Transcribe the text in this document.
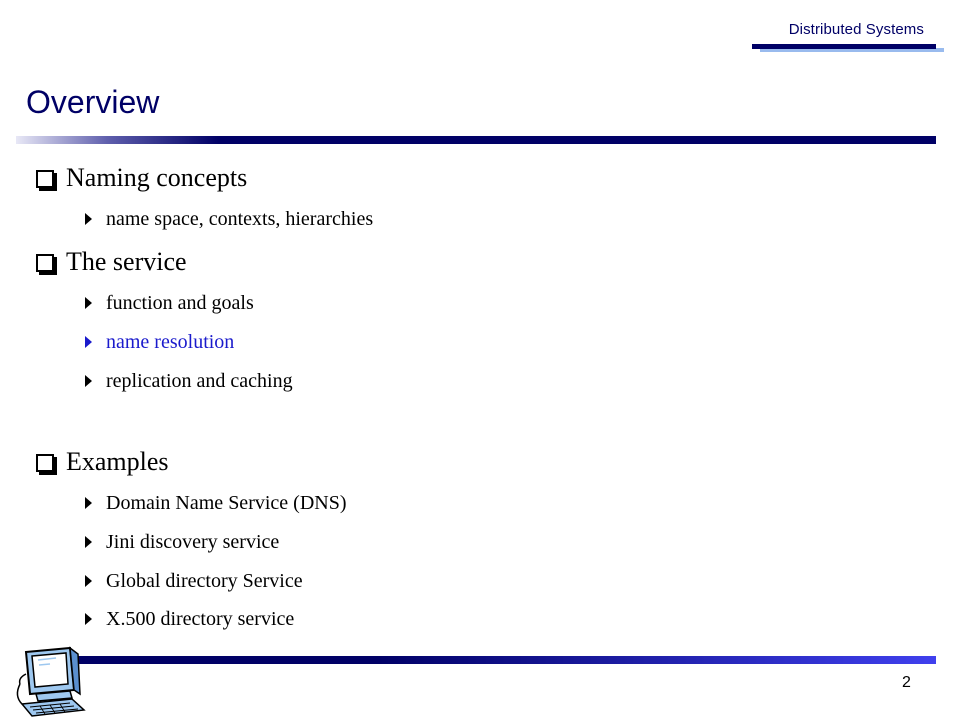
Distributed Systems
Overview
Naming concepts
name space, contexts, hierarchies
The service
function and goals
name resolution
replication and caching
Examples
Domain Name Service (DNS)
Jini discovery service
Global directory Service
X.500 directory service
2
